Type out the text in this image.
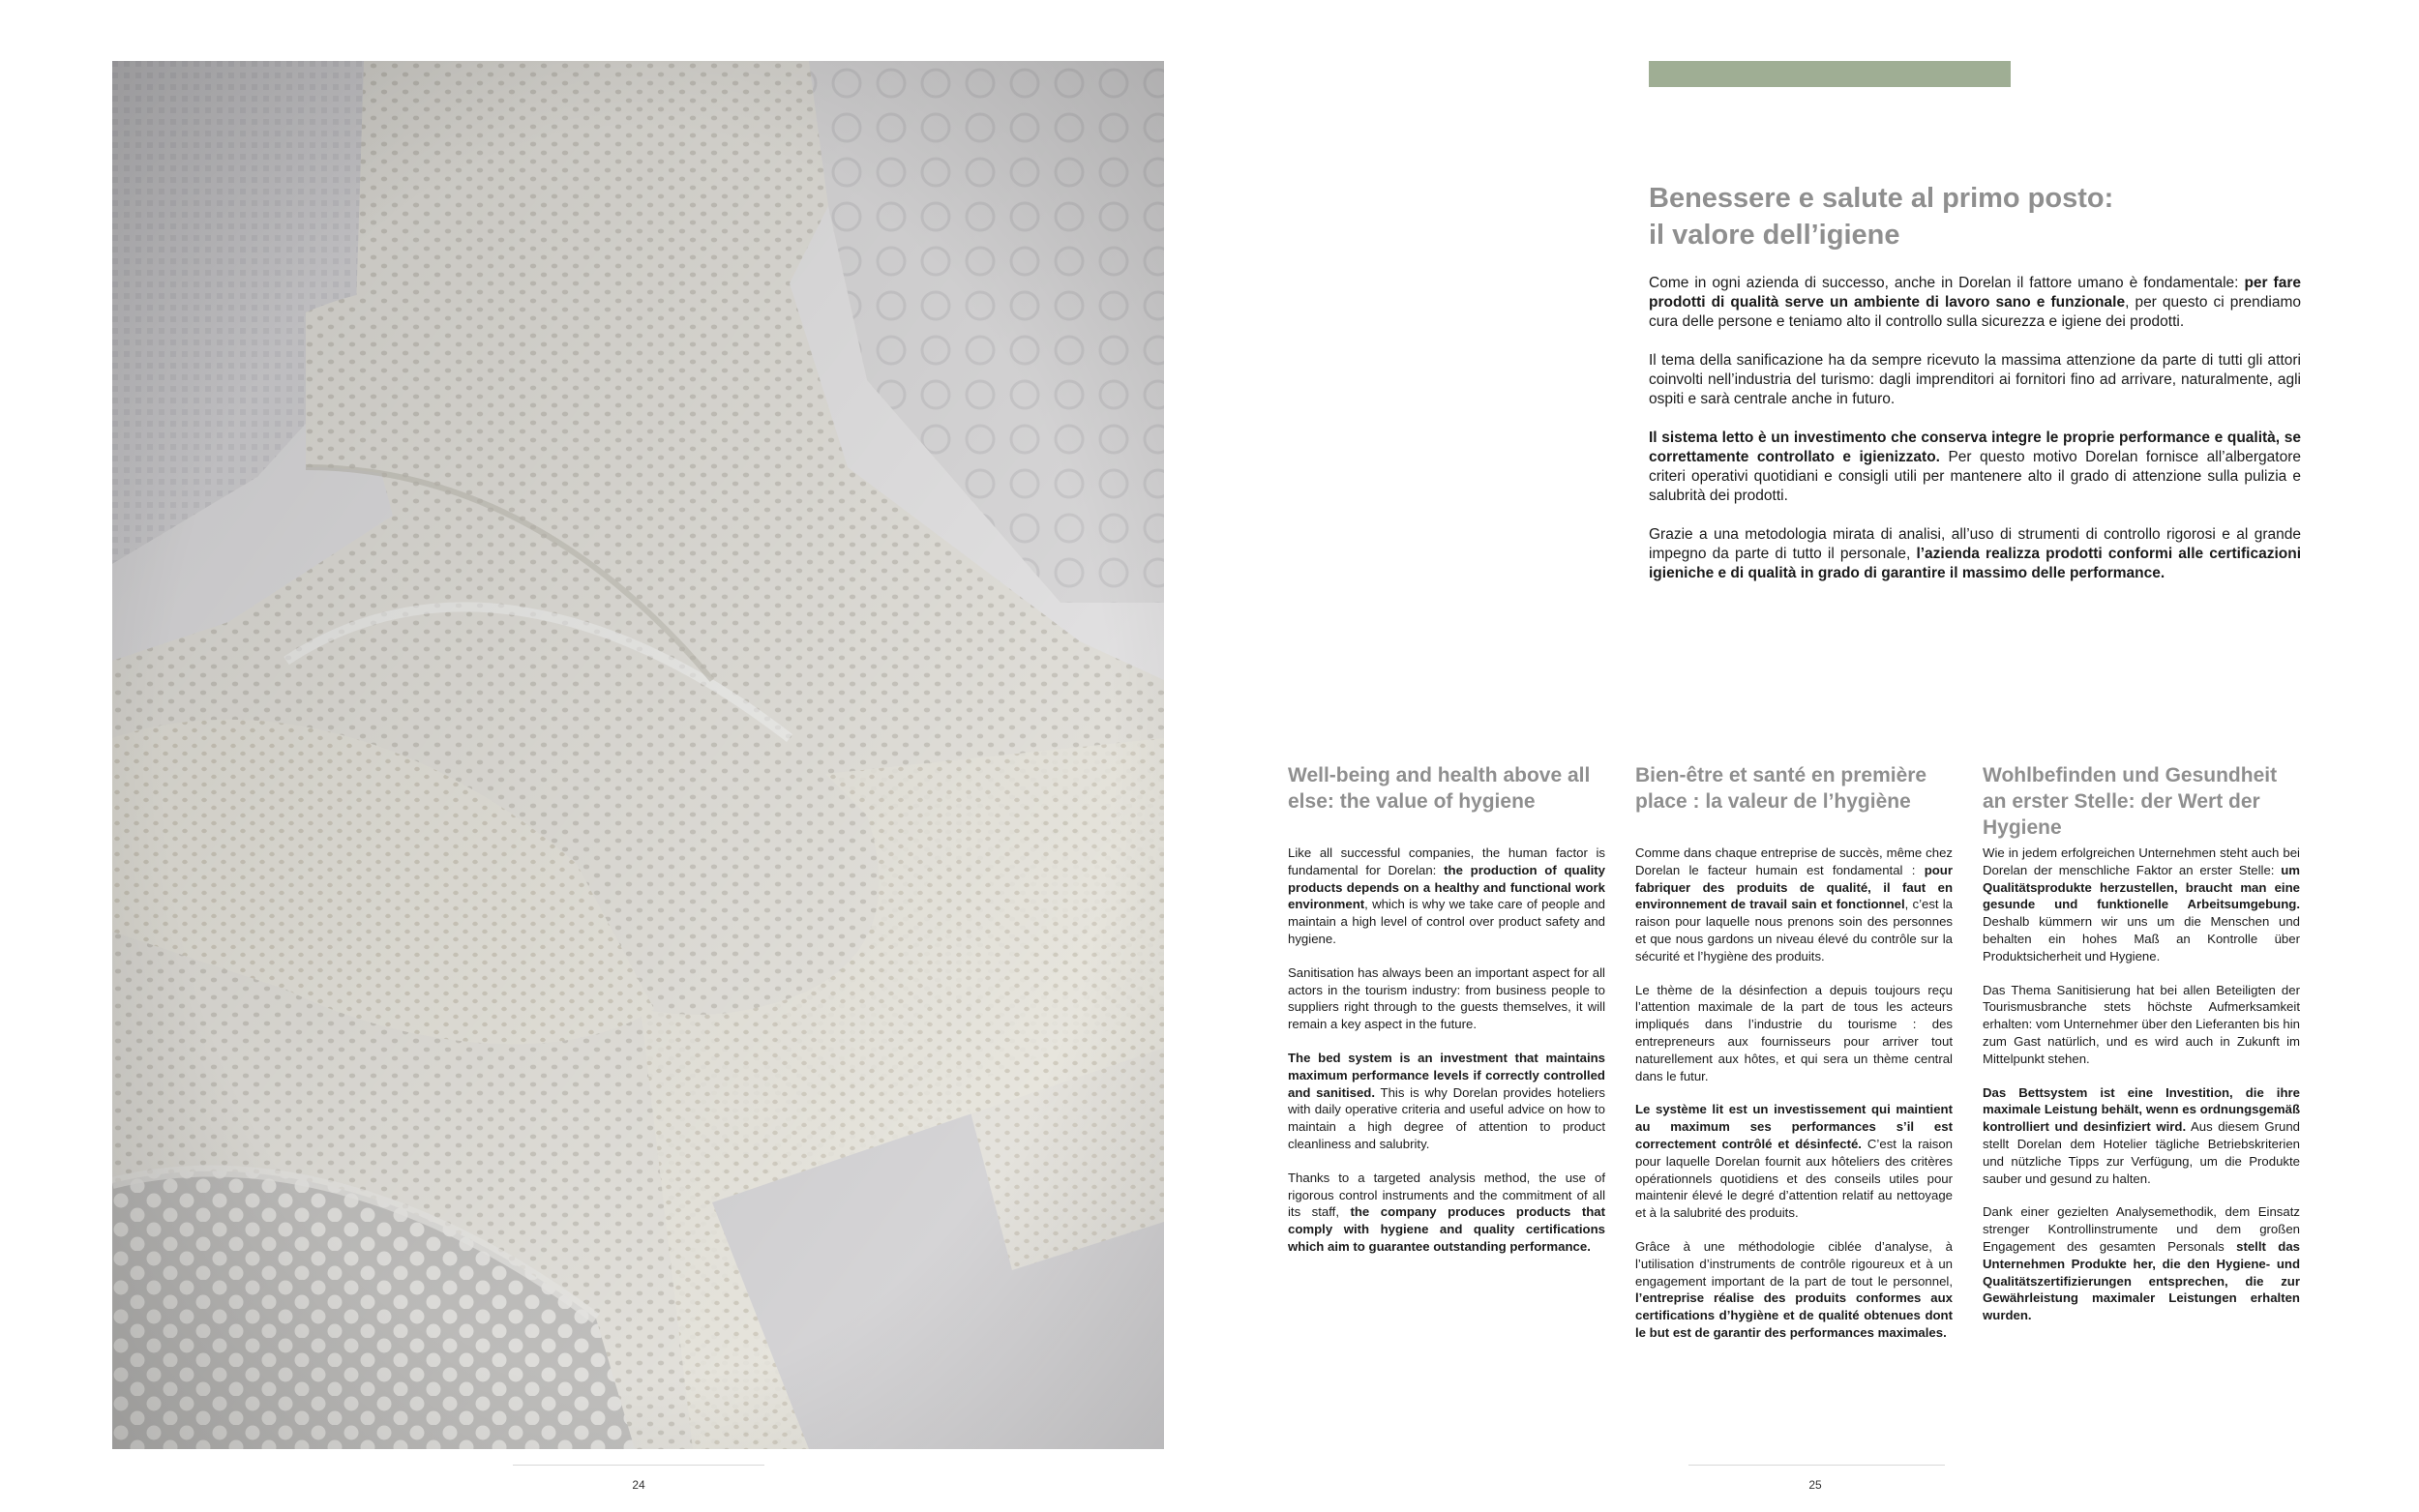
Benessere e salute al primo posto:
il valore dell’igiene

Come in ogni azienda di successo, anche in Dorelan il fattore umano è fondamentale: per fare prodotti di qualità serve un ambiente di lavoro sano e funzionale, per questo ci prendiamo cura delle persone e teniamo alto il controllo sulla sicurezza e igiene dei prodotti.

Il tema della sanificazione ha da sempre ricevuto la massima attenzione da parte di tutti gli attori coinvolti nell’industria del turismo: dagli imprenditori ai fornitori fino ad arrivare, naturalmente, agli ospiti e sarà centrale anche in futuro.

Il sistema letto è un investimento che conserva integre le proprie performance e qualità, se correttamente controllato e igienizzato. Per questo motivo Dorelan fornisce all’albergatore criteri operativi quotidiani e consigli utili per mantenere alto il grado di attenzione sulla pulizia e salubrità dei prodotti.

Grazie a una metodologia mirata di analisi, all’uso di strumenti di controllo rigorosi e al grande impegno da parte di tutto il personale, l’azienda realizza prodotti conformi alle certificazioni igieniche e di qualità in grado di garantire il massimo delle performance.

Well-being and health above all else: the value of hygiene

Like all successful companies, the human factor is fundamental for Dorelan: the production of quality products depends on a healthy and functional work environment, which is why we take care of people and maintain a high level of control over product safety and hygiene.

Sanitisation has always been an important aspect for all actors in the tourism industry: from business people to suppliers right through to the guests themselves, it will remain a key aspect in the future.

The bed system is an investment that maintains maximum performance levels if correctly controlled and sanitised. This is why Dorelan provides hoteliers with daily operative criteria and useful advice on how to maintain a high degree of attention to product cleanliness and salubrity.

Thanks to a targeted analysis method, the use of rigorous control instruments and the commitment of all its staff, the company produces products that comply with hygiene and quality certifications which aim to guarantee outstanding performance.

Bien-être et santé en première place : la valeur de l’hygiène

Comme dans chaque entreprise de succès, même chez Dorelan le facteur humain est fondamental : pour fabriquer des produits de qualité, il faut en environnement de travail sain et fonctionnel, c’est la raison pour laquelle nous prenons soin des personnes et que nous gardons un niveau élevé du contrôle sur la sécurité et l’hygiène des produits.

Le thème de la désinfection a depuis toujours reçu l’attention maximale de la part de tous les acteurs impliqués dans l’industrie du tourisme : des entrepreneurs aux fournisseurs pour arriver tout naturellement aux hôtes, et qui sera un thème central dans le futur.

Le système lit est un investissement qui maintient au maximum ses performances s’il est correctement contrôlé et désinfecté. C’est la raison pour laquelle Dorelan fournit aux hôteliers des critères opérationnels quotidiens et des conseils utiles pour maintenir élevé le degré d’attention relatif au nettoyage et à la salubrité des produits.

Grâce à une méthodologie ciblée d’analyse, à l’utilisation d’instruments de contrôle rigoureux et à un engagement important de la part de tout le personnel, l’entreprise réalise des produits conformes aux certifications d’hygiène et de qualité obtenues dont le but est de garantir des performances maximales.

Wohlbefinden und Gesundheit an erster Stelle: der Wert der Hygiene

Wie in jedem erfolgreichen Unternehmen steht auch bei Dorelan der menschliche Faktor an erster Stelle: um Qualitätsprodukte herzustellen, braucht man eine gesunde und funktionelle Arbeitsumgebung. Deshalb kümmern wir uns um die Menschen und behalten ein hohes Maß an Kontrolle über Produktsicherheit und Hygiene.

Das Thema Sanitisierung hat bei allen Beteiligten der Tourismusbranche stets höchste Aufmerksamkeit erhalten: vom Unternehmer über den Lieferanten bis hin zum Gast natürlich, und es wird auch in Zukunft im Mittelpunkt stehen.

Das Bettsystem ist eine Investition, die ihre maximale Leistung behält, wenn es ordnungsgemäß kontrolliert und desinfiziert wird. Aus diesem Grund stellt Dorelan dem Hotelier tägliche Betriebskriterien und nützliche Tipps zur Verfügung, um die Produkte sauber und gesund zu halten.

Dank einer gezielten Analysemethodik, dem Einsatz strenger Kontrollinstrumente und dem großen Engagement des gesamten Personals stellt das Unternehmen Produkte her, die den Hygiene- und Qualitätszertifizierungen entsprechen, die zur Gewährleistung maximaler Leistungen erhalten wurden.

24	25
